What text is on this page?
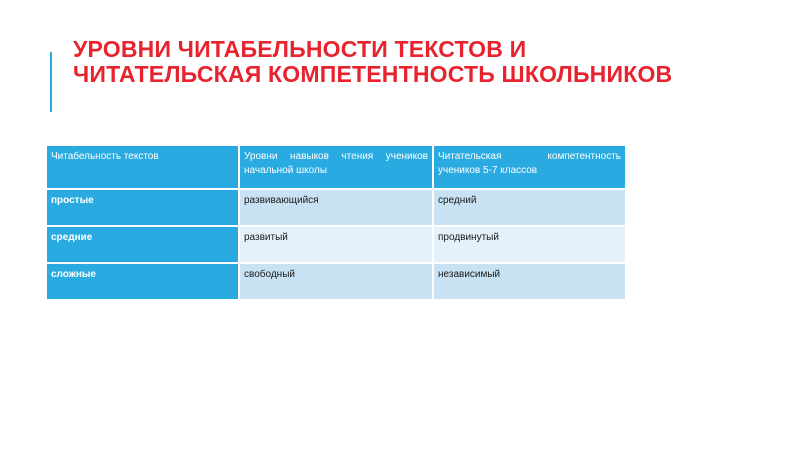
УРОВНИ ЧИТАБЕЛЬНОСТИ ТЕКСТОВ И
ЧИТАТЕЛЬСКАЯ КОМПЕТЕНТНОСТЬ ШКОЛЬНИКОВ
Читабельность текстов	Уровни навыков чтения учеников начальной школы	Читательская компетентность учеников 5-7 классов
простые	развивающийся	средний
средние	развитый	продвинутый
сложные	свободный	независимый
